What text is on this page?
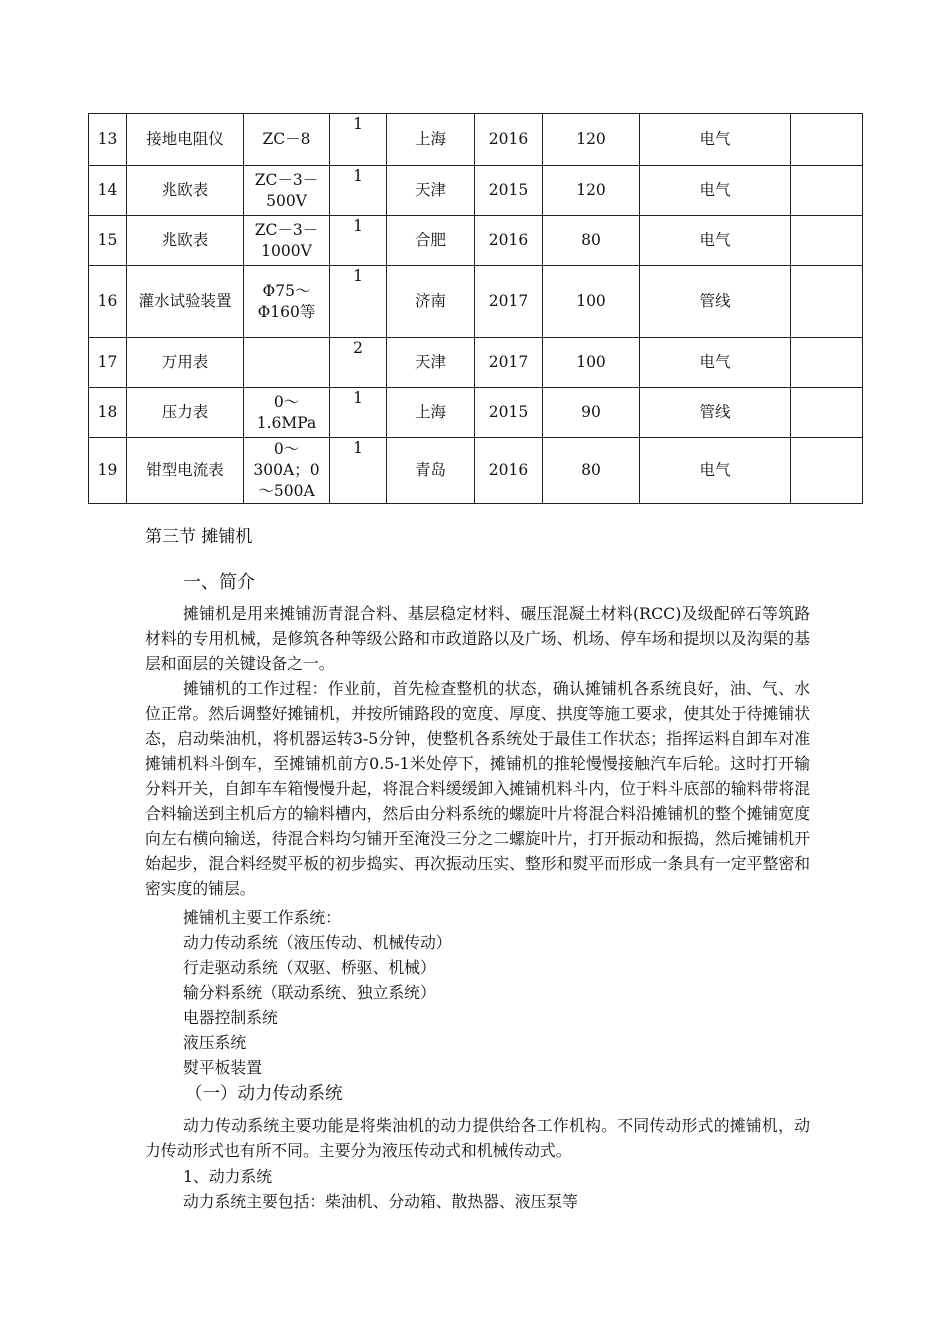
13	接地电阻仪	ZC－8	1	上海	2016	120	电气	
14	兆欧表	ZC－3－500V	1	天津	2015	120	电气	
15	兆欧表	ZC－3－1000V	1	合肥	2016	80	电气	
16	灌水试验装置	Φ75～Φ160等	1	济南	2017	100	管线	
17	万用表		2	天津	2017	100	电气	
18	压力表	0～1.6MPa	1	上海	2015	90	管线	
19	钳型电流表	0～300A；0～500A	1	青岛	2016	80	电气	
第三节 摊铺机
一、简介

摊铺机是用来摊铺沥青混合料、基层稳定材料、碾压混凝土材料(RCC)及级配碎石等筑路材料的专用机械，是修筑各种等级公路和市政道路以及广场、机场、停车场和提坝以及沟渠的基层和面层的关键设备之一。

摊铺机的工作过程：作业前，首先检查整机的状态，确认摊铺机各系统良好，油、气、水位正常。然后调整好摊铺机，并按所铺路段的宽度、厚度、拱度等施工要求，使其处于待摊铺状态，启动柴油机，将机器运转3-5分钟，使整机各系统处于最佳工作状态；指挥运料自卸车对准摊铺机料斗倒车，至摊铺机前方0.5-1米处停下，摊铺机的推轮慢慢接触汽车后轮。这时打开输分料开关，自卸车车箱慢慢升起，将混合料缓缓卸入摊铺机料斗内，位于料斗底部的输料带将混合料输送到主机后方的输料槽内，然后由分料系统的螺旋叶片将混合料沿摊铺机的整个摊铺宽度向左右横向输送，待混合料均匀铺开至淹没三分之二螺旋叶片，打开振动和振捣，然后摊铺机开始起步，混合料经熨平板的初步捣实、再次振动压实、整形和熨平而形成一条具有一定平整密和密实度的铺层。

摊铺机主要工作系统：
动力传动系统（液压传动、机械传动）
行走驱动系统（双驱、桥驱、机械）
输分料系统（联动系统、独立系统）
电器控制系统
液压系统
熨平板装置
（一）动力传动系统

动力传动系统主要功能是将柴油机的动力提供给各工作机构。不同传动形式的摊铺机，动力传动形式也有所不同。主要分为液压传动式和机械传动式。

1、动力系统
动力系统主要包括：柴油机、分动箱、散热器、液压泵等
